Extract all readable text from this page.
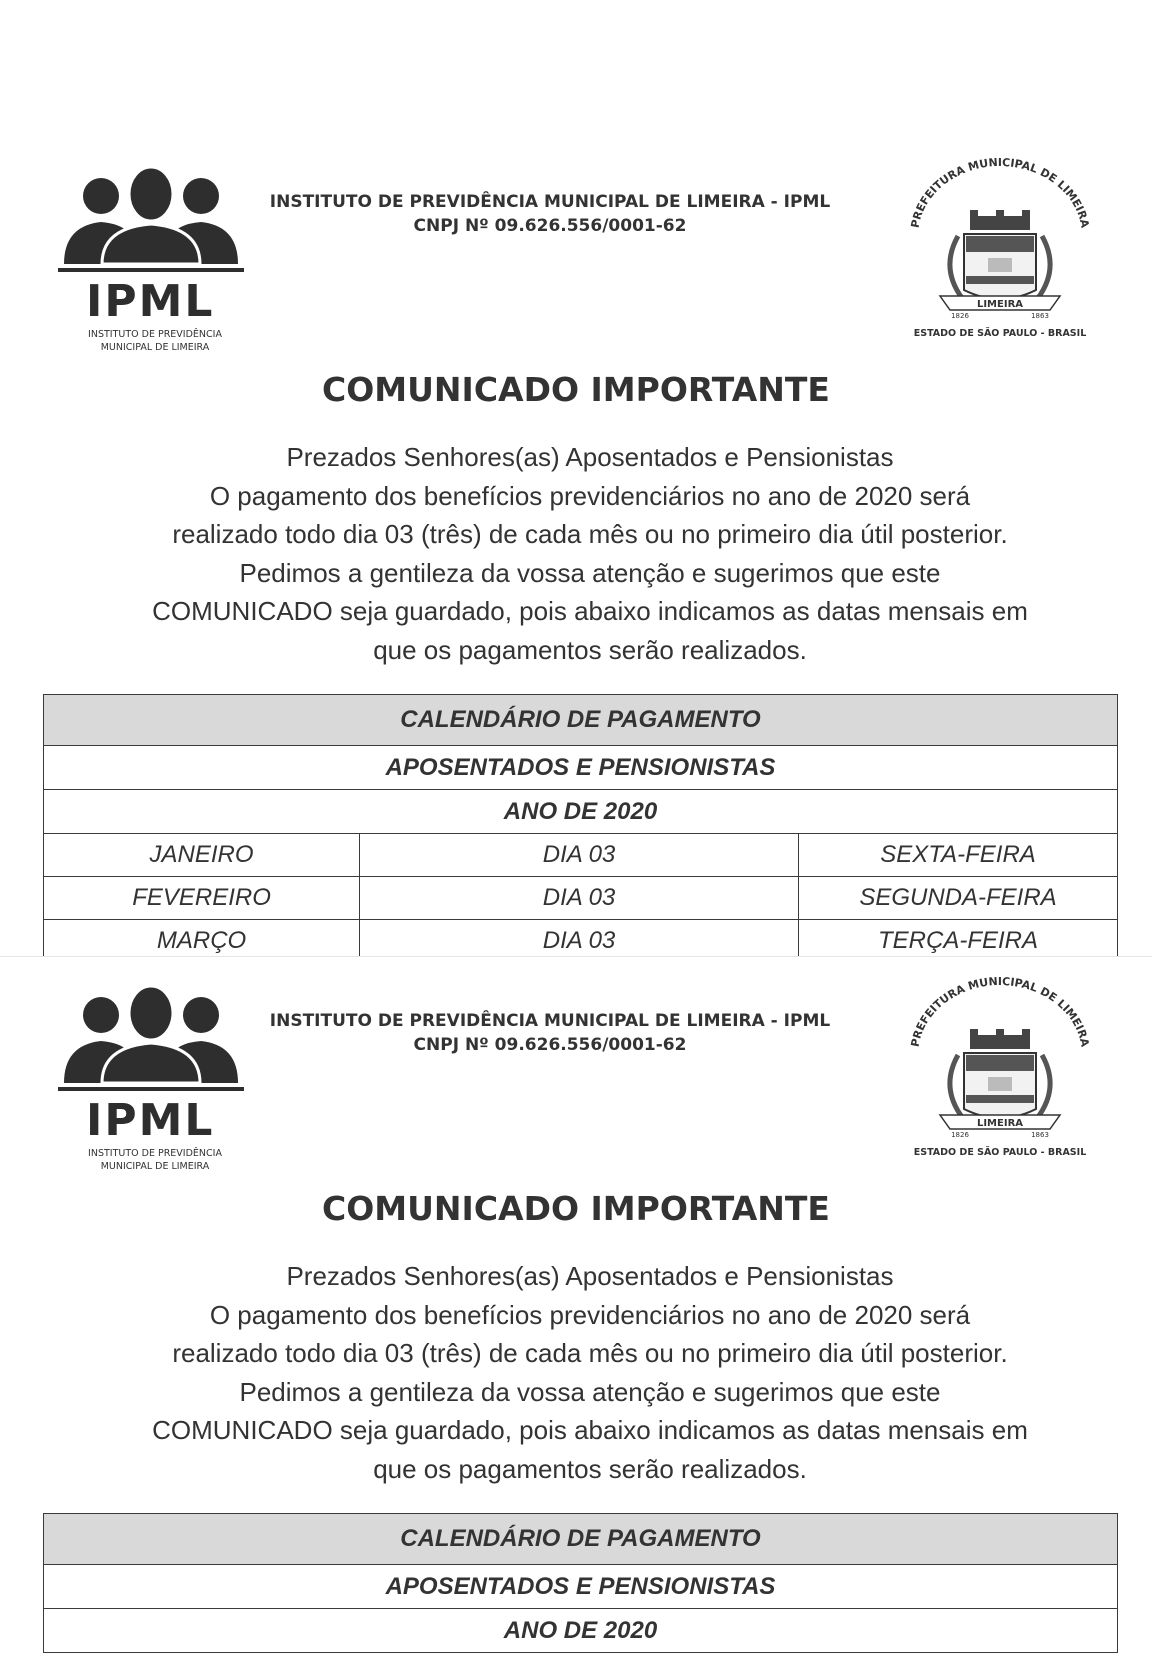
IPML
INSTITUTO DE PREVIDÊNCIA
MUNICIPAL DE LIMEIRA
INSTITUTO DE PREVIDÊNCIA MUNICIPAL DE LIMEIRA - IPML
CNPJ Nº 09.626.556/0001-62	PREFEITURA MUNICIPAL DE LIMEIRA
LIMEIRA
1826	1863
ESTADO DE SÃO PAULO - BRASIL
COMUNICADO IMPORTANTE
Prezados Senhores(as) Aposentados e Pensionistas
O pagamento dos benefícios previdenciários no ano de 2020 será
realizado todo dia 03 (três) de cada mês ou no primeiro dia útil posterior.
Pedimos a gentileza da vossa atenção e sugerimos que este
COMUNICADO seja guardado, pois abaixo indicamos as datas mensais em
que os pagamentos serão realizados.
CALENDÁRIO DE PAGAMENTO		
APOSENTADOS E PENSIONISTAS		
ANO DE 2020		
JANEIRO	DIA 03	SEXTA-FEIRA
FEVEREIRO	DIA 03	SEGUNDA-FEIRA
MARÇO	DIA 03	TERÇA-FEIRA
IPML
INSTITUTO DE PREVIDÊNCIA
MUNICIPAL DE LIMEIRA
INSTITUTO DE PREVIDÊNCIA MUNICIPAL DE LIMEIRA - IPML
CNPJ Nº 09.626.556/0001-62	PREFEITURA MUNICIPAL DE LIMEIRA
LIMEIRA
1826	1863
ESTADO DE SÃO PAULO - BRASIL
COMUNICADO IMPORTANTE
Prezados Senhores(as) Aposentados e Pensionistas
O pagamento dos benefícios previdenciários no ano de 2020 será
realizado todo dia 03 (três) de cada mês ou no primeiro dia útil posterior.
Pedimos a gentileza da vossa atenção e sugerimos que este
COMUNICADO seja guardado, pois abaixo indicamos as datas mensais em
que os pagamentos serão realizados.
CALENDÁRIO DE PAGAMENTO
APOSENTADOS E PENSIONISTAS
ANO DE 2020
